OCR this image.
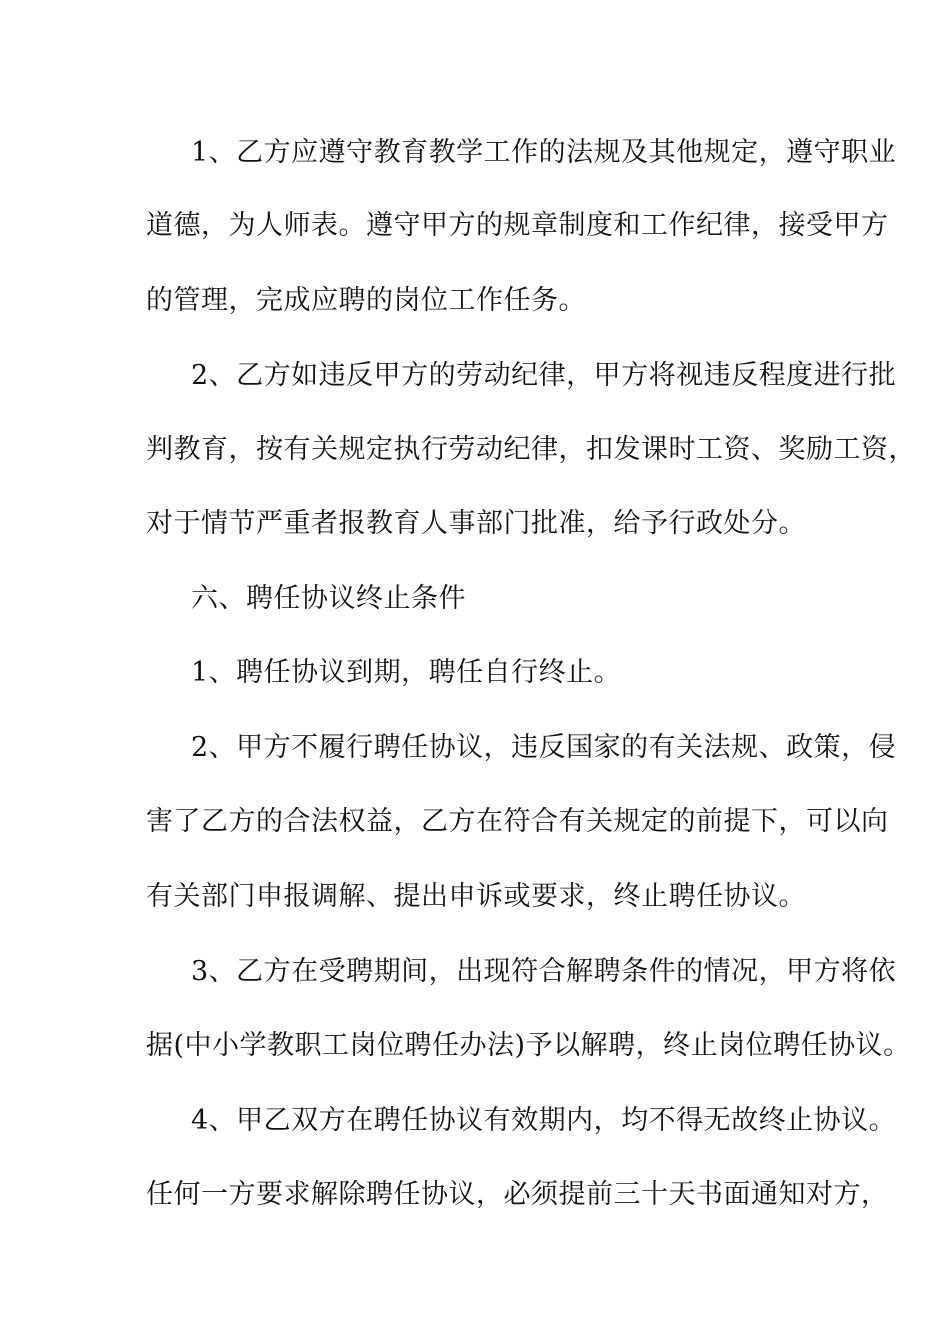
1、乙方应遵守教育教学工作的法规及其他规定，遵守职业
道德，为人师表。遵守甲方的规章制度和工作纪律，接受甲方
的管理，完成应聘的岗位工作任务。
2、乙方如违反甲方的劳动纪律，甲方将视违反程度进行批
判教育，按有关规定执行劳动纪律，扣发课时工资、奖励工资，
对于情节严重者报教育人事部门批准，给予行政处分。
六、聘任协议终止条件
1、聘任协议到期，聘任自行终止。
2、甲方不履行聘任协议，违反国家的有关法规、政策，侵
害了乙方的合法权益，乙方在符合有关规定的前提下，可以向
有关部门申报调解、提出申诉或要求，终止聘任协议。
3、乙方在受聘期间，出现符合解聘条件的情况，甲方将依
据(中小学教职工岗位聘任办法)予以解聘，终止岗位聘任协议。
4、甲乙双方在聘任协议有效期内，均不得无故终止协议。
任何一方要求解除聘任协议，必须提前三十天书面通知对方，
